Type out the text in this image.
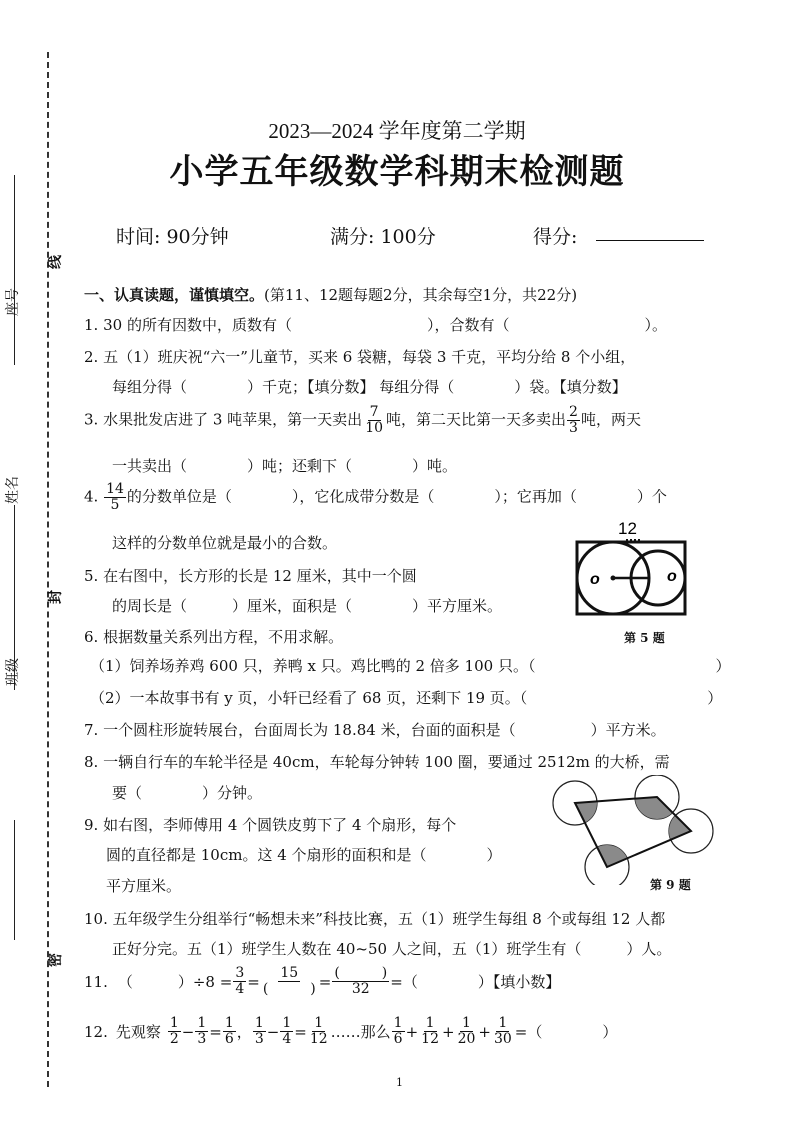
座号
姓名
班级
线
封
密
2023—2024 学年度第二学期
小学五年级数学科期末检测题
时间: 90分钟	满分: 100分	得分:
一、认真读题，谨慎填空。(第11、12题每题2分，其余每空1分，共22分)
1. 30 的所有因数中，质数有（　　　　　　　　　），合数有（　　　　　　　　　）。
2. 五（1）班庆祝“六一”儿童节，买来 6 袋糖，每袋 3 千克，平均分给 8 个小组，
每组分得（　　　　）千克；【填分数】 每组分得（　　　　）袋。【填分数】
3. 水果批发店进了 3 吨苹果，第一天卖出 $\frac{7}{10}$ 吨，第二天比第一天多卖出 $\frac{2}{3}$ 吨，两天
一共卖出（　　　　）吨；还剩下（　　　　）吨。
4. $\frac{14}{5}$ 的分数单位是（　　　　），它化成带分数是（　　　　）；它再加（　　　　）个
这样的分数单位就是最小的合数。
5. 在右图中，长方形的长是 12 厘米，其中一个圆
的周长是（　　　）厘米，面积是（　　　　）平方厘米。
12
o	o
第 5 题
6. 根据数量关系列出方程，不用求解。
（1）饲养场养鸡 600 只，养鸭 x 只。鸡比鸭的 2 倍多 100 只。（　　　　　　　　　　　　）
（2）一本故事书有 y 页，小轩已经看了 68 页，还剩下 19 页。（　　　　　　　　　　　　）
7. 一个圆柱形旋转展台，台面周长为 18.84 米，台面的面积是（　　　　　）平方米。
8. 一辆自行车的车轮半径是 40cm，车轮每分钟转 100 圈，要通过 2512m 的大桥，需
要（　　　　）分钟。
第 9 题
9. 如右图，李师傅用 4 个圆铁皮剪下了 4 个扇形，每个
圆的直径都是 10cm。这 4 个扇形的面积和是（　　　　）
平方厘米。
10. 五年级学生分组举行“畅想未来”科技比赛，五（1）班学生每组 8 个或每组 12 人都
正好分完。五（1）班学生人数在 40~50 人之间，五（1）班学生有（　　　）人。
11. （　　　）$\div 8 = \frac{3}{4} = \frac{15}{( )} = \frac{( )}{32}$ =（　　　　）【填小数】
12. 先观察 $\frac{1}{2} - \frac{1}{3} = \frac{1}{6}$ ， $\frac{1}{3} - \frac{1}{4} = \frac{1}{12}$ ……那么 $\frac{1}{6} + \frac{1}{12} + \frac{1}{20} + \frac{1}{30}$ =（　　　　）
1
